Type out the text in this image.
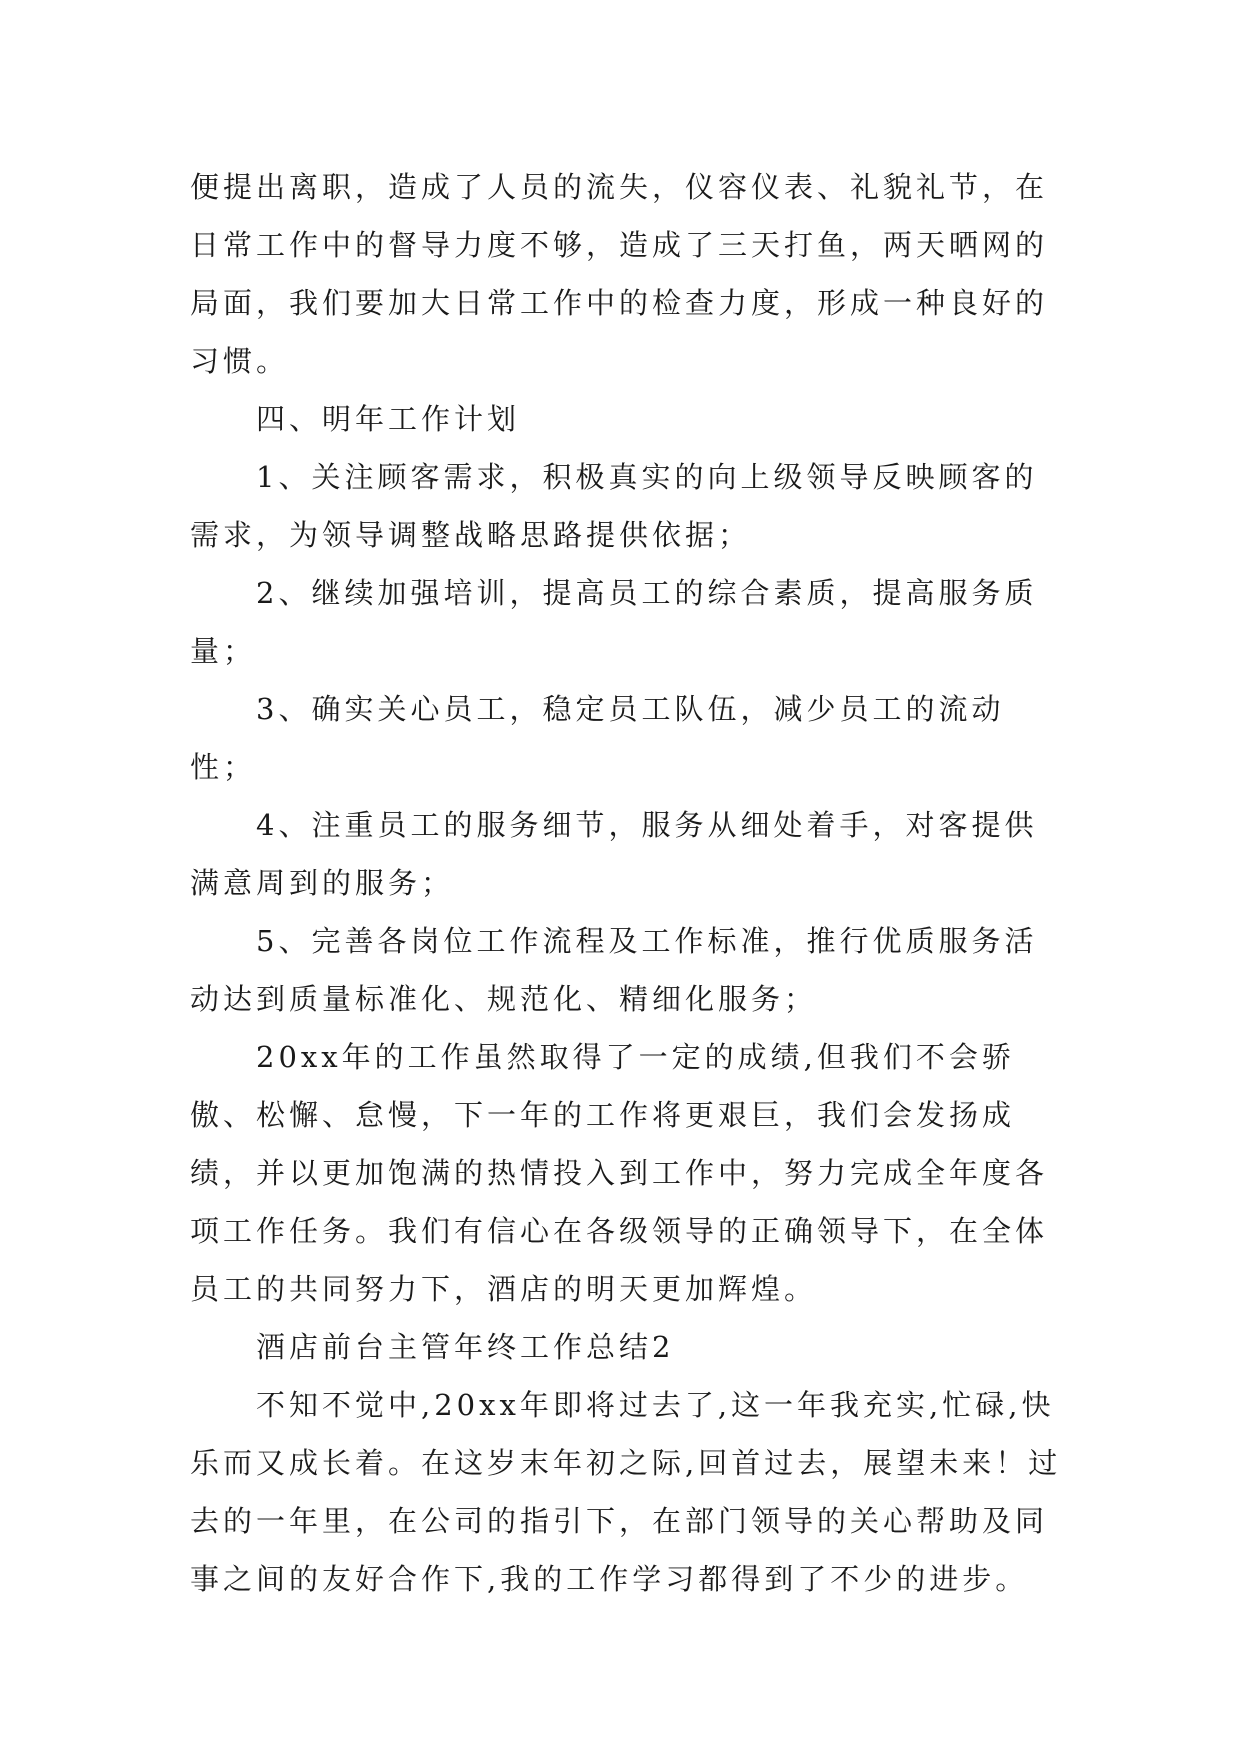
便提出离职，造成了人员的流失，仪容仪表、礼貌礼节，在日常工作中的督导力度不够，造成了三天打鱼，两天晒网的局面，我们要加大日常工作中的检查力度，形成一种良好的习惯。

四、明年工作计划

1、关注顾客需求，积极真实的向上级领导反映顾客的需求，为领导调整战略思路提供依据；

2、继续加强培训，提高员工的综合素质，提高服务质量；

3、确实关心员工，稳定员工队伍，减少员工的流动性；

4、注重员工的服务细节，服务从细处着手，对客提供满意周到的服务；

5、完善各岗位工作流程及工作标准，推行优质服务活动达到质量标准化、规范化、精细化服务；

20xx年的工作虽然取得了一定的成绩,但我们不会骄傲、松懈、怠慢，下一年的工作将更艰巨，我们会发扬成绩，并以更加饱满的热情投入到工作中，努力完成全年度各项工作任务。我们有信心在各级领导的正确领导下，在全体员工的共同努力下，酒店的明天更加辉煌。

酒店前台主管年终工作总结2

不知不觉中,20xx年即将过去了,这一年我充实,忙碌,快乐而又成长着。在这岁末年初之际,回首过去，展望未来！过去的一年里，在公司的指引下，在部门领导的关心帮助及同事之间的友好合作下,我的工作学习都得到了不少的进步。
